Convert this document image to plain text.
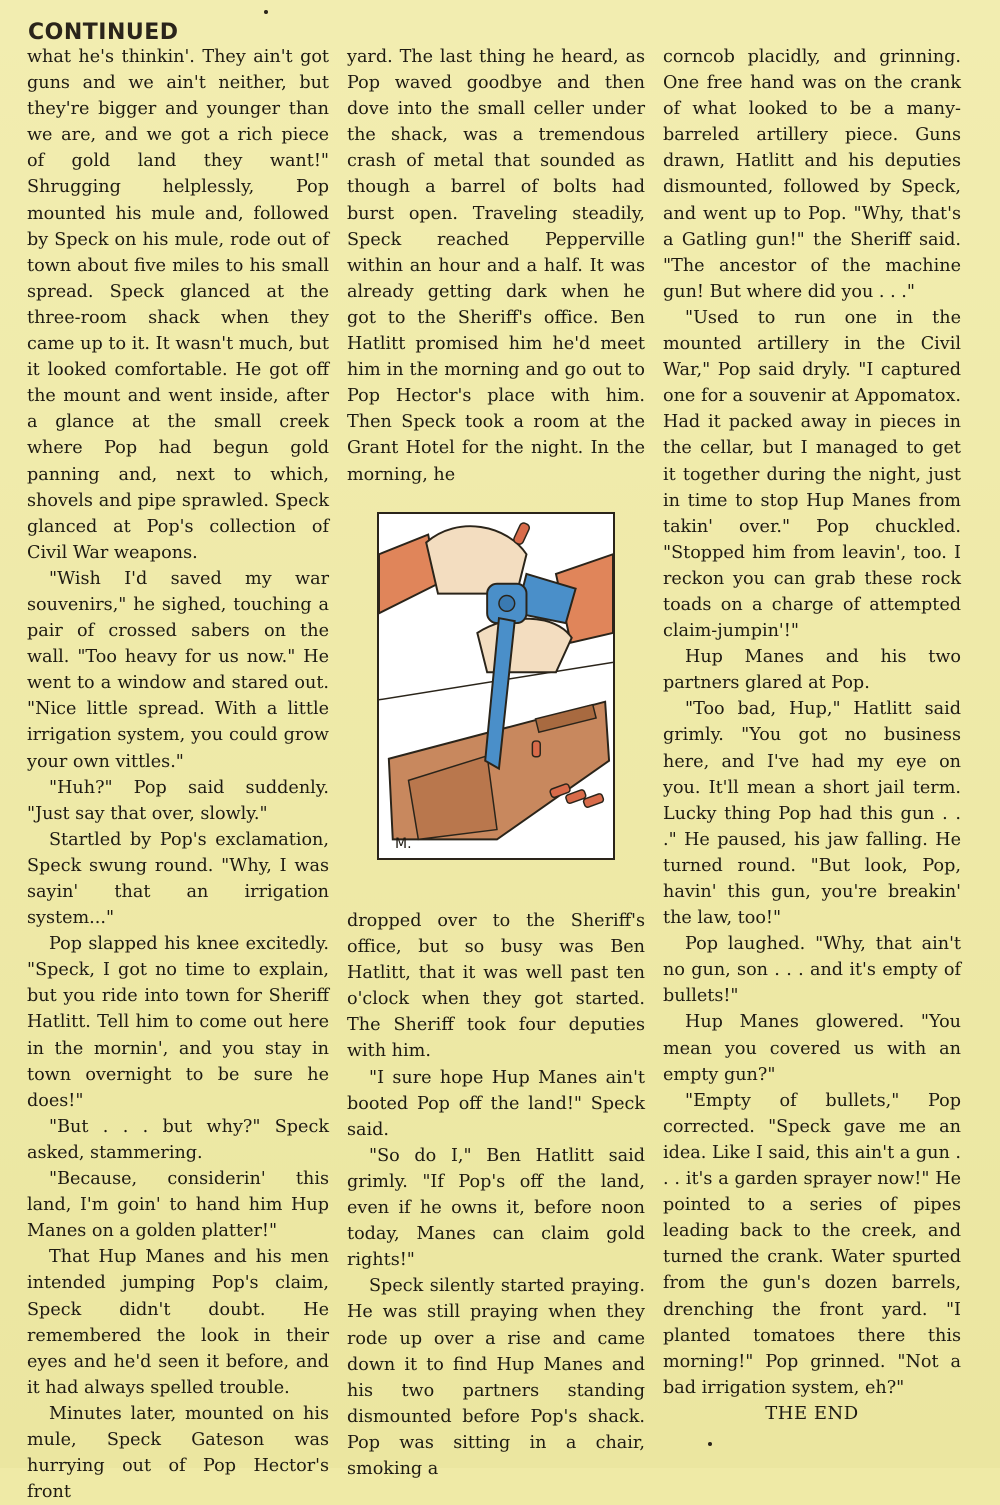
CONTINUED

what he's thinkin'. They ain't got guns and we ain't neither, but they're bigger and younger than we are, and we got a rich piece of gold land they want!" Shrugging helplessly, Pop mounted his mule and, followed by Speck on his mule, rode out of town about five miles to his small spread. Speck glanced at the three-room shack when they came up to it. It wasn't much, but it looked comfortable. He got off the mount and went inside, after a glance at the small creek where Pop had begun gold panning and, next to which, shovels and pipe sprawled. Speck glanced at Pop's collection of Civil War weapons.

"Wish I'd saved my war souvenirs," he sighed, touching a pair of crossed sabers on the wall. "Too heavy for us now." He went to a window and stared out. "Nice little spread. With a little irrigation system, you could grow your own vittles."

"Huh?" Pop said suddenly. "Just say that over, slowly."

Startled by Pop's exclamation, Speck swung round. "Why, I was sayin' that an irrigation system..."

Pop slapped his knee excitedly. "Speck, I got no time to explain, but you ride into town for Sheriff Hatlitt. Tell him to come out here in the mornin', and you stay in town overnight to be sure he does!"

"But . . . but why?" Speck asked, stammering.

"Because, considerin' this land, I'm goin' to hand him Hup Manes on a golden platter!"

That Hup Manes and his men intended jumping Pop's claim, Speck didn't doubt. He remembered the look in their eyes and he'd seen it before, and it had always spelled trouble.

Minutes later, mounted on his mule, Speck Gateson was hurrying out of Pop Hector's front

yard. The last thing he heard, as Pop waved goodbye and then dove into the small celler under the shack, was a tremendous crash of metal that sounded as though a barrel of bolts had burst open. Traveling steadily, Speck reached Pepperville within an hour and a half. It was already getting dark when he got to the Sheriff's office. Ben Hatlitt promised him he'd meet him in the morning and go out to Pop Hector's place with him. Then Speck took a room at the Grant Hotel for the night. In the morning, he

M.

dropped over to the Sheriff's office, but so busy was Ben Hatlitt, that it was well past ten o'clock when they got started. The Sheriff took four deputies with him.

"I sure hope Hup Manes ain't booted Pop off the land!" Speck said.

"So do I," Ben Hatlitt said grimly. "If Pop's off the land, even if he owns it, before noon today, Manes can claim gold rights!"

Speck silently started praying. He was still praying when they rode up over a rise and came down it to find Hup Manes and his two partners standing dismounted before Pop's shack. Pop was sitting in a chair, smoking a

corncob placidly, and grinning. One free hand was on the crank of what looked to be a many-barreled artillery piece. Guns drawn, Hatlitt and his deputies dismounted, followed by Speck, and went up to Pop. "Why, that's a Gatling gun!" the Sheriff said. "The ancestor of the machine gun! But where did you . . ."

"Used to run one in the mounted artillery in the Civil War," Pop said dryly. "I captured one for a souvenir at Appomatox. Had it packed away in pieces in the cellar, but I managed to get it together during the night, just in time to stop Hup Manes from takin' over." Pop chuckled. "Stopped him from leavin', too. I reckon you can grab these rock toads on a charge of attempted claim-jumpin'!"

Hup Manes and his two partners glared at Pop.

"Too bad, Hup," Hatlitt said grimly. "You got no business here, and I've had my eye on you. It'll mean a short jail term. Lucky thing Pop had this gun . . ." He paused, his jaw falling. He turned round. "But look, Pop, havin' this gun, you're breakin' the law, too!"

Pop laughed. "Why, that ain't no gun, son . . . and it's empty of bullets!"

Hup Manes glowered. "You mean you covered us with an empty gun?"

"Empty of bullets," Pop corrected. "Speck gave me an idea. Like I said, this ain't a gun . . . it's a garden sprayer now!" He pointed to a series of pipes leading back to the creek, and turned the crank. Water spurted from the gun's dozen barrels, drenching the front yard. "I planted tomatoes there this morning!" Pop grinned. "Not a bad irrigation system, eh?"

THE END
